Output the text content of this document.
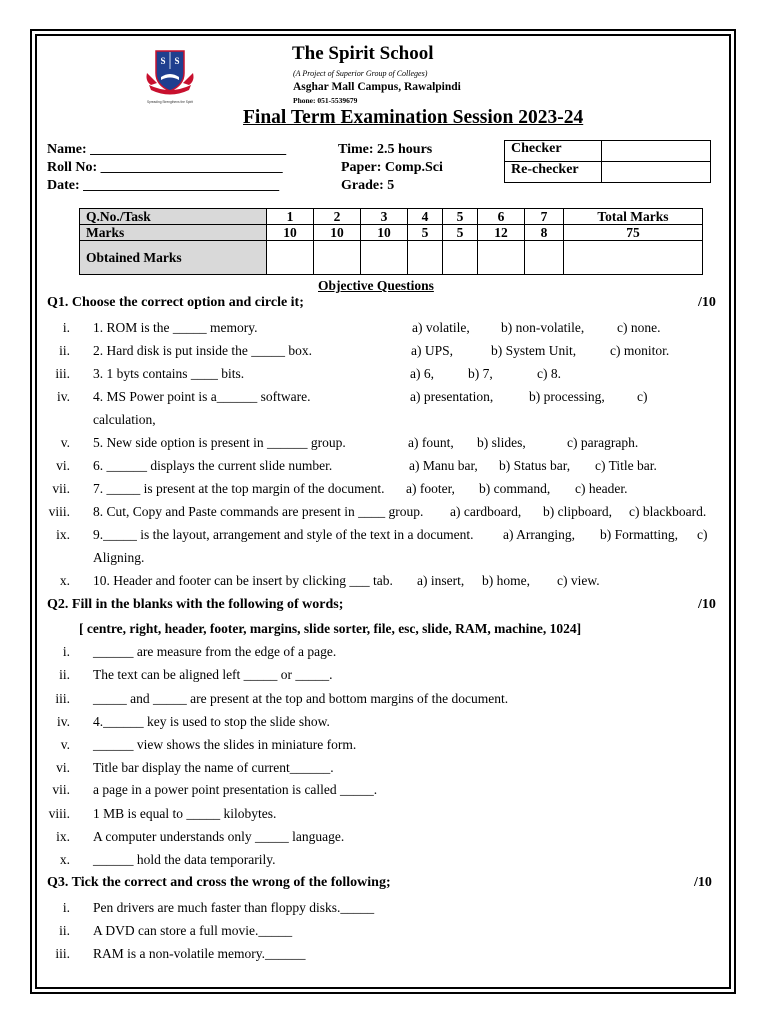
S S
Spreading Strengthens the Spirit
The Spirit School
(A Project of Superior Group of Colleges)
Asghar Mall Campus, Rawalpindi
Phone: 051-5539679
Final Term Examination Session 2023-24
Name: ____________________________
Roll No: __________________________
Date: ____________________________
Time: 2.5 hours
Paper: Comp.Sci
Grade: 5
Checker	
Re-checker	
Q.No./Task	1	2	3	4	5	6	7	Total Marks
Marks	10	10	10	5	5	12	8	75
Obtained Marks								
Objective Questions
Q1. Choose the correct option and circle it;	/10
i. 1. ROM is the _____ memory.	a) volatile, b) non-volatile, c) none.
ii. 2. Hard disk is put inside the _____ box.	a) UPS,	b) System Unit,	c) monitor.
iii. 3. 1 byts contains ____ bits.	a) 6,	b) 7,	c) 8.
iv. 4. MS Power point is a______ software.	a) presentation,	b) processing, c)
calculation,
v. 5. New side option is present in ______ group.	a) fount, b) slides,	c) paragraph.
vi. 6. ______ displays the current slide number.	a) Manu bar, b) Status bar, c) Title bar.
vii. 7. _____ is present at the top margin of the document. a) footer, b) command, c) header.
viii. 8. Cut, Copy and Paste commands are present in ____ group. a) cardboard, b) clipboard, c) blackboard.
ix. 9._____ is the layout, arrangement and style of the text in a document. a) Arranging, b) Formatting, c)
Aligning.
x. 10. Header and footer can be insert by clicking ___ tab. a) insert, b) home, c) view.
Q2. Fill in the blanks with the following of words;	/10
[ centre, right, header, footer, margins, slide sorter, file, esc, slide, RAM, machine, 1024]
i. ______ are measure from the edge of a page.
ii. The text can be aligned left _____ or _____.
iii. _____ and _____ are present at the top and bottom margins of the document.
iv. 4.______ key is used to stop the slide show.
v. ______ view shows the slides in miniature form.
vi. Title bar display the name of current______.
vii. a page in a power point presentation is called _____.
viii. 1 MB is equal to _____ kilobytes.
ix. A computer understands only _____ language.
x. ______ hold the data temporarily.
Q3. Tick the correct and cross the wrong of the following;	/10
i. Pen drivers are much faster than floppy disks._____
ii. A DVD can store a full movie._____
iii. RAM is a non-volatile memory.______
